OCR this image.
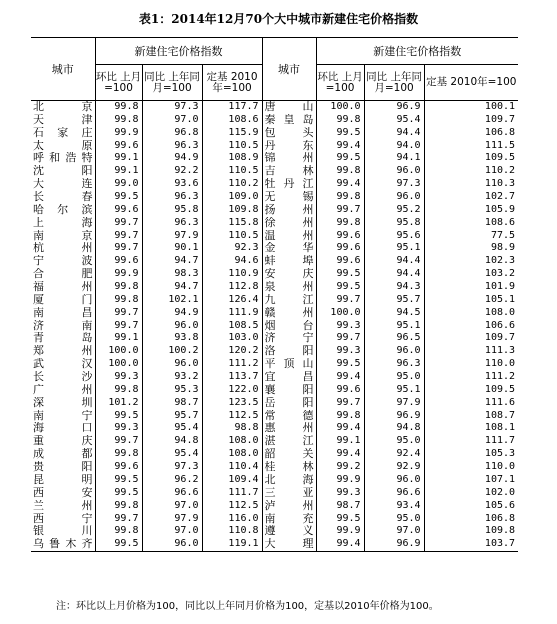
表1：2014年12月70个大中城市新建住宅价格指数
城市	新建住宅价格指数			城市	新建住宅价格指数		
	环比 上月=100	同比 上年同月=100	定基 2010年=100		环比 上月=100	同比 上年同月=100	定基 2010年=100
北京	99.8	97.3	117.7	唐山	100.0	96.9	100.1
天津	99.8	97.0	108.6	秦皇岛	99.8	95.4	109.7
石家庄	99.9	96.8	115.9	包头	99.5	94.4	106.8
太原	99.6	96.3	110.5	丹东	99.4	94.0	111.5
呼和浩特	99.1	94.9	108.9	锦州	99.5	94.1	109.5
沈阳	99.1	92.2	110.5	吉林	99.8	96.0	110.2
大连	99.0	93.6	110.2	牡丹江	99.4	97.3	110.3
长春	99.5	96.3	109.0	无锡	99.8	96.0	102.7
哈尔滨	99.6	95.8	109.8	扬州	99.7	95.2	105.9
上海	99.7	96.3	115.8	徐州	99.8	95.8	108.6
南京	99.7	97.9	110.5	温州	99.6	95.6	77.5
杭州	99.7	90.1	92.3	金华	99.6	95.1	98.9
宁波	99.6	94.7	94.6	蚌埠	99.6	94.4	102.3
合肥	99.9	98.3	110.9	安庆	99.5	94.4	103.2
福州	99.8	94.7	112.8	泉州	99.5	94.3	101.9
厦门	99.8	102.1	126.4	九江	99.7	95.7	105.1
南昌	99.7	94.9	111.9	赣州	100.0	94.5	108.0
济南	99.7	96.0	108.5	烟台	99.3	95.1	106.6
青岛	99.1	93.8	103.0	济宁	99.7	96.5	109.7
郑州	100.0	100.2	120.2	洛阳	99.3	96.0	111.3
武汉	100.0	96.0	111.2	平顶山	99.5	96.3	110.0
长沙	99.3	93.2	113.7	宜昌	99.4	95.0	111.2
广州	99.8	95.3	122.0	襄阳	99.6	95.1	109.5
深圳	101.2	98.7	123.5	岳阳	99.7	97.9	111.6
南宁	99.5	95.7	112.5	常德	99.8	96.9	108.7
海口	99.3	95.4	98.8	惠州	99.4	94.8	108.1
重庆	99.7	94.8	108.0	湛江	99.1	95.0	111.7
成都	99.8	95.4	108.0	韶关	99.4	92.4	105.3
贵阳	99.6	97.3	110.4	桂林	99.2	92.9	110.0
昆明	99.5	96.2	109.4	北海	99.9	96.0	107.1
西安	99.5	96.6	111.7	三亚	99.3	96.6	102.0
兰州	99.8	97.0	112.5	泸州	98.7	93.4	105.6
西宁	99.7	97.9	116.0	南充	99.5	95.0	106.8
银川	99.8	97.0	110.8	遵义	99.9	97.0	109.8
乌鲁木齐	99.5	96.0	119.1	大理	99.4	96.9	103.7
注：环比以上月价格为100，同比以上年同月价格为100，定基以2010年价格为100。
